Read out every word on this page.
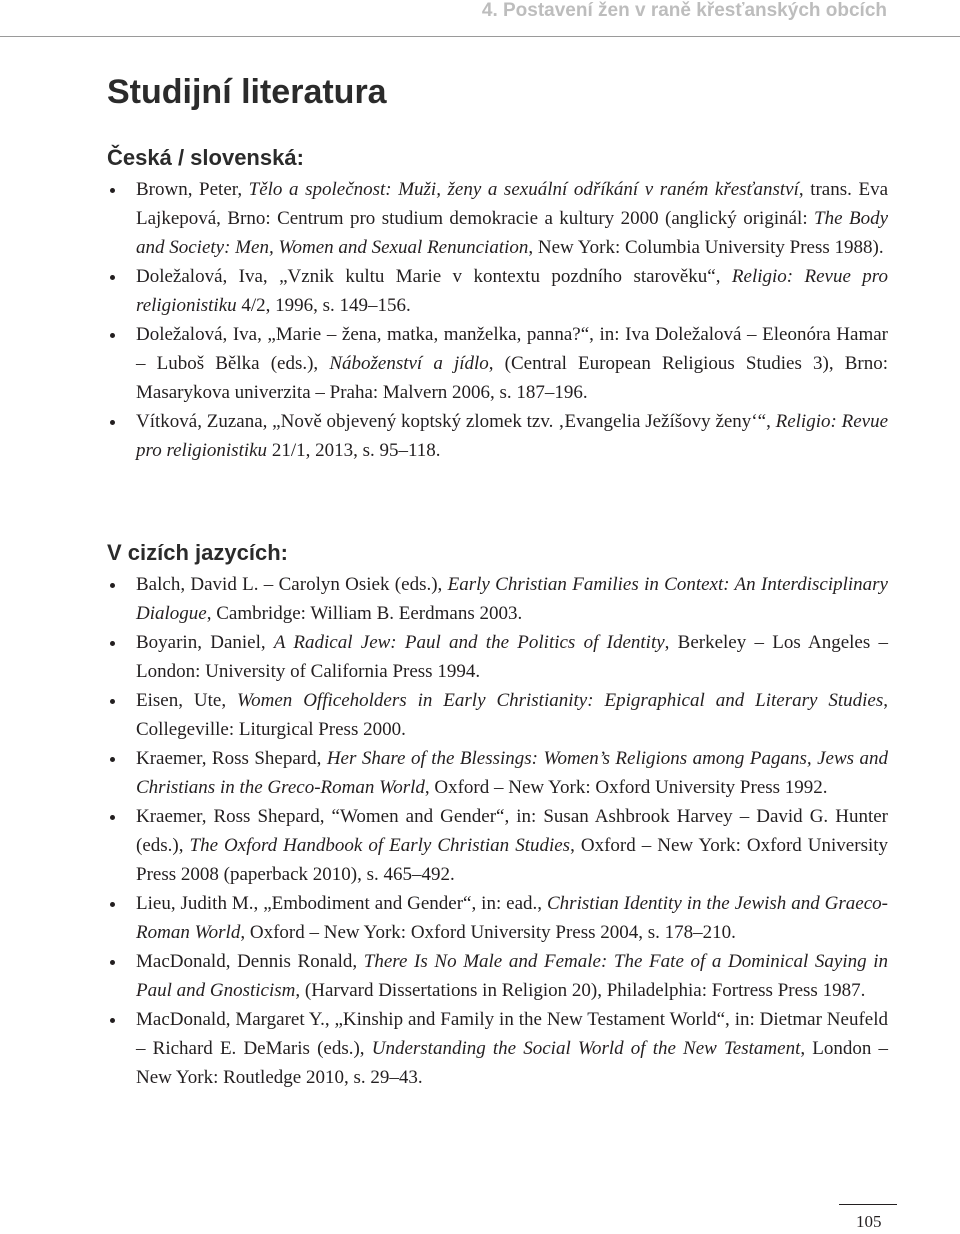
4. Postavení žen v raně křesťanských obcích
Studijní literatura
Česká / slovenská:
Brown, Peter, Tělo a společnost: Muži, ženy a sexuální odříkání v raném křesťanství, trans. Eva Lajkepová, Brno: Centrum pro studium demokracie a kultury 2000 (anglický originál: The Body and Society: Men, Women and Sexual Renunciation, New York: Columbia University Press 1988).
Doležalová, Iva, „Vznik kultu Marie v kontextu pozdního starověku“, Religio: Revue pro religionistiku 4/2, 1996, s. 149–156.
Doležalová, Iva, „Marie – žena, matka, manželka, panna?“, in: Iva Doležalová – Eleonóra Hamar – Luboš Bělka (eds.), Náboženství a jídlo, (Central European Religious Studies 3), Brno: Masarykova univerzita – Praha: Malvern 2006, s. 187–196.
Vítková, Zuzana, „Nově objevený koptský zlomek tzv. ‚Evangelia Ježíšovy ženy‘“, Religio: Revue pro religionistiku 21/1, 2013, s. 95–118.
V cizích jazycích:
Balch, David L. – Carolyn Osiek (eds.), Early Christian Families in Context: An Interdisciplinary Dialogue, Cambridge: William B. Eerdmans 2003.
Boyarin, Daniel, A Radical Jew: Paul and the Politics of Identity, Berkeley – Los Angeles – London: University of California Press 1994.
Eisen, Ute, Women Officeholders in Early Christianity: Epigraphical and Literary Studies, Collegeville: Liturgical Press 2000.
Kraemer, Ross Shepard, Her Share of the Blessings: Women’s Religions among Pagans, Jews and Christians in the Greco-Roman World, Oxford – New York: Oxford University Press 1992.
Kraemer, Ross Shepard, “Women and Gender“, in: Susan Ashbrook Harvey – David G. Hunter (eds.), The Oxford Handbook of Early Christian Studies, Oxford – New York: Oxford University Press 2008 (paperback 2010), s. 465–492.
Lieu, Judith M., „Embodiment and Gender“, in: ead., Christian Identity in the Jewish and Graeco-Roman World, Oxford – New York: Oxford University Press 2004, s. 178–210.
MacDonald, Dennis Ronald, There Is No Male and Female: The Fate of a Dominical Saying in Paul and Gnosticism, (Harvard Dissertations in Religion 20), Philadelphia: Fortress Press 1987.
MacDonald, Margaret Y., „Kinship and Family in the New Testament World“, in: Dietmar Neufeld – Richard E. DeMaris (eds.), Understanding the Social World of the New Testament, London – New York: Routledge 2010, s. 29–43.
105
